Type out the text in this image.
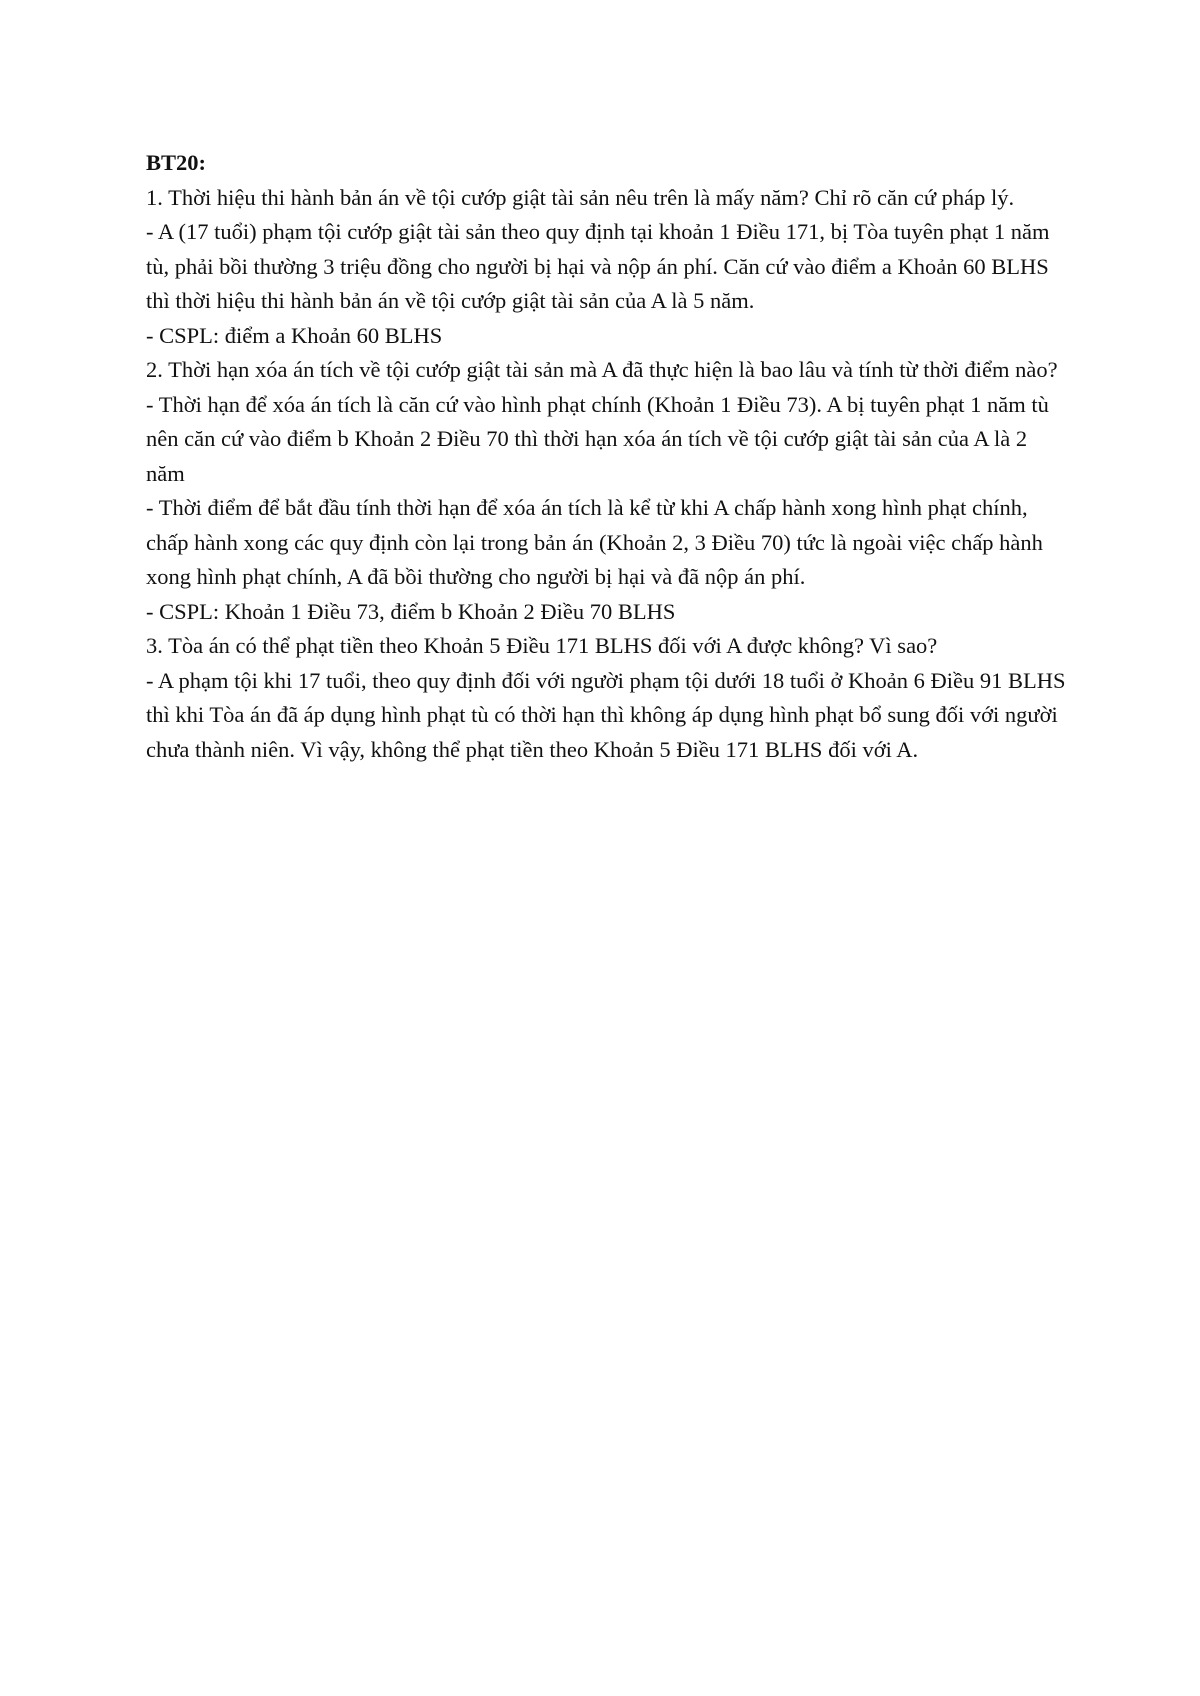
BT20:

1. Thời hiệu thi hành bản án về tội cướp giật tài sản nêu trên là mấy năm? Chỉ rõ căn cứ pháp lý.

- A (17 tuổi) phạm tội cướp giật tài sản theo quy định tại khoản 1 Điều 171, bị Tòa tuyên phạt 1 năm tù, phải bồi thường 3 triệu đồng cho người bị hại và nộp án phí. Căn cứ vào điểm a Khoản 60 BLHS thì thời hiệu thi hành bản án về tội cướp giật tài sản của A là 5 năm.

- CSPL: điểm a Khoản 60 BLHS

2. Thời hạn xóa án tích về tội cướp giật tài sản mà A đã thực hiện là bao lâu và tính từ thời điểm nào?

- Thời hạn để xóa án tích là căn cứ vào hình phạt chính (Khoản 1 Điều 73). A bị tuyên phạt 1 năm tù nên căn cứ vào điểm b Khoản 2 Điều 70 thì thời hạn xóa án tích về tội cướp giật tài sản của A là 2 năm

- Thời điểm để bắt đầu tính thời hạn để xóa án tích là kể từ khi A chấp hành xong hình phạt chính, chấp hành xong các quy định còn lại trong bản án (Khoản 2, 3 Điều 70) tức là ngoài việc chấp hành xong hình phạt chính, A đã bồi thường cho người bị hại và đã nộp án phí.

- CSPL: Khoản 1 Điều 73, điểm b Khoản 2 Điều 70 BLHS

3. Tòa án có thể phạt tiền theo Khoản 5 Điều 171 BLHS đối với A được không? Vì sao?

- A phạm tội khi 17 tuổi, theo quy định đối với người phạm tội dưới 18 tuổi ở Khoản 6 Điều 91 BLHS thì khi Tòa án đã áp dụng hình phạt tù có thời hạn thì không áp dụng hình phạt bổ sung đối với người chưa thành niên. Vì vậy, không thể phạt tiền theo Khoản 5 Điều 171 BLHS đối với A.
